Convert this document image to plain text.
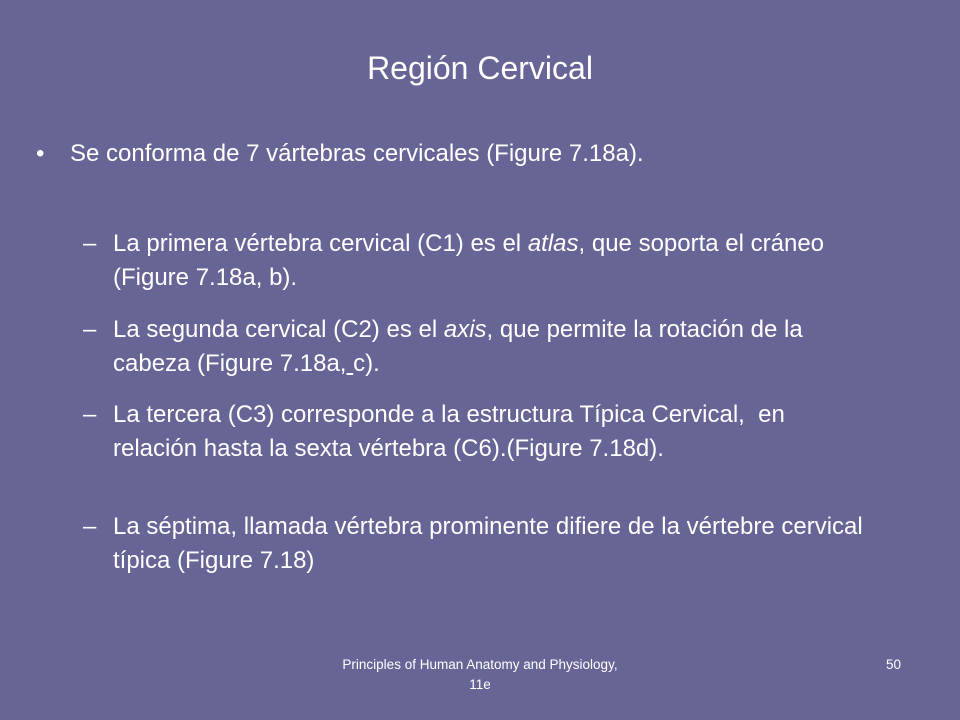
Región Cervical
•	Se conforma de 7 vártebras cervicales (Figure 7.18a).
– La primera vértebra cervical (C1) es el atlas, que soporta el cráneo (Figure 7.18a, b).
– La segunda cervical (C2) es el axis, que permite la rotación de la cabeza (Figure 7.18a, c).
– La tercera (C3) corresponde a la estructura Típica Cervical,  en relación hasta la sexta vértebra (C6).(Figure 7.18d).
– La séptima, llamada vértebra prominente difiere de la vértebre cervical típica (Figure 7.18)
Principles of Human Anatomy and Physiology, 11e
50
